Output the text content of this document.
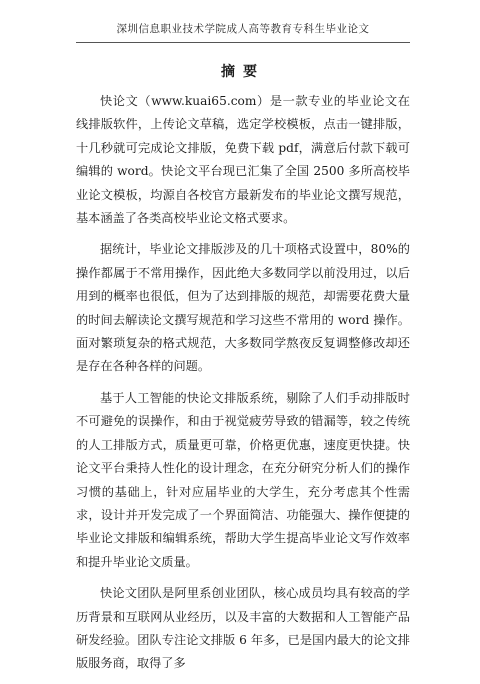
深圳信息职业技术学院成人高等教育专科生毕业论文
摘要

快论文（www.kuai65.com）是一款专业的毕业论文在线排版软件，上传论文草稿，选定学校模板，点击一键排版，十几秒就可完成论文排版，免费下载 pdf，满意后付款下载可编辑的 word。快论文平台现已汇集了全国 2500 多所高校毕业论文模板，均源自各校官方最新发布的毕业论文撰写规范，基本涵盖了各类高校毕业论文格式要求。

据统计，毕业论文排版涉及的几十项格式设置中，80%的操作都属于不常用操作，因此绝大多数同学以前没用过，以后用到的概率也很低，但为了达到排版的规范，却需要花费大量的时间去解读论文撰写规范和学习这些不常用的 word 操作。面对繁琐复杂的格式规范，大多数同学熬夜反复调整修改却还是存在各种各样的问题。

基于人工智能的快论文排版系统，剔除了人们手动排版时不可避免的误操作，和由于视觉疲劳导致的错漏等，较之传统的人工排版方式，质量更可靠，价格更优惠，速度更快捷。快论文平台秉持人性化的设计理念，在充分研究分析人们的操作习惯的基础上，针对应届毕业的大学生，充分考虑其个性需求，设计并开发完成了一个界面简洁、功能强大、操作便捷的毕业论文排版和编辑系统，帮助大学生提高毕业论文写作效率和提升毕业论文质量。

快论文团队是阿里系创业团队，核心成员均具有较高的学历背景和互联网从业经历，以及丰富的大数据和人工智能产品研发经验。团队专注论文排版 6 年多，已是国内最大的论文排版服务商，取得了多
